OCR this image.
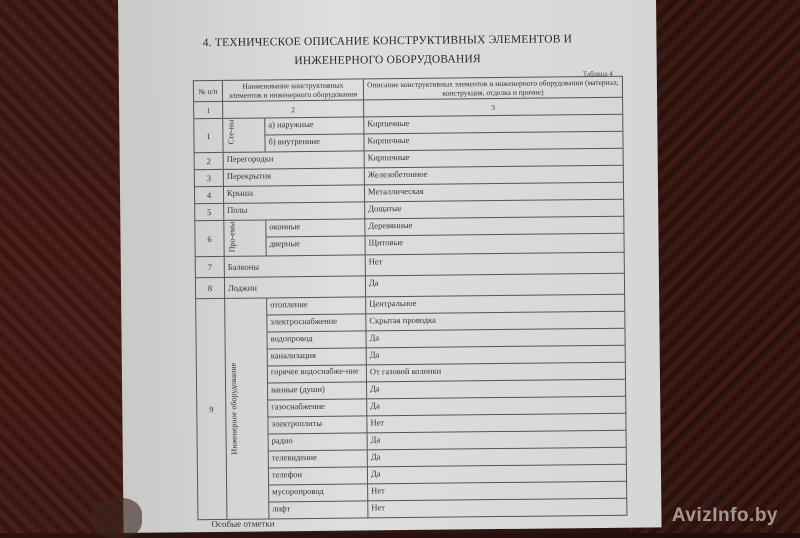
4. ТЕХНИЧЕСКОЕ ОПИСАНИЕ КОНСТРУКТИВНЫХ ЭЛЕМЕНТОВ И
ИНЖЕНЕРНОГО ОБОРУДОВАНИЯ
Таблица 4
№ п/п	Наименование конструктивных элементов и инженерного оборудования		Описание конструктивных элементов и инженерного оборудования (материал, конструкция, отделка и прочие)
1	2		3
1	Сте-ны	а) наружные	Кирпичные
		б) внутренние	Кирпичные
2	Перегородки		Кирпичные
3	Перекрытия		Железобетонное
4	Крыша		Металлическая
5	Полы		Дощатые
6	Про-емы	оконные	Деревянные
		дверные	Щитовые
7	Балконы		Нет
8	Лоджии		Да
9	Инженерное оборудование	отопление	Центральное
		электроснабжение	Скрытая проводка
		водопровод	Да
		канализация	Да
		горячее водоснабже-ние	От газовой колонки
		ванные (души)	Да
		газоснабжение	Да
		электроплиты	Нет
		радио	Да
		телевидение	Да
		телефон	Да
		мусоропровод	Нет
		лифт	Нет
Особые отметки	AvizInfo.by
